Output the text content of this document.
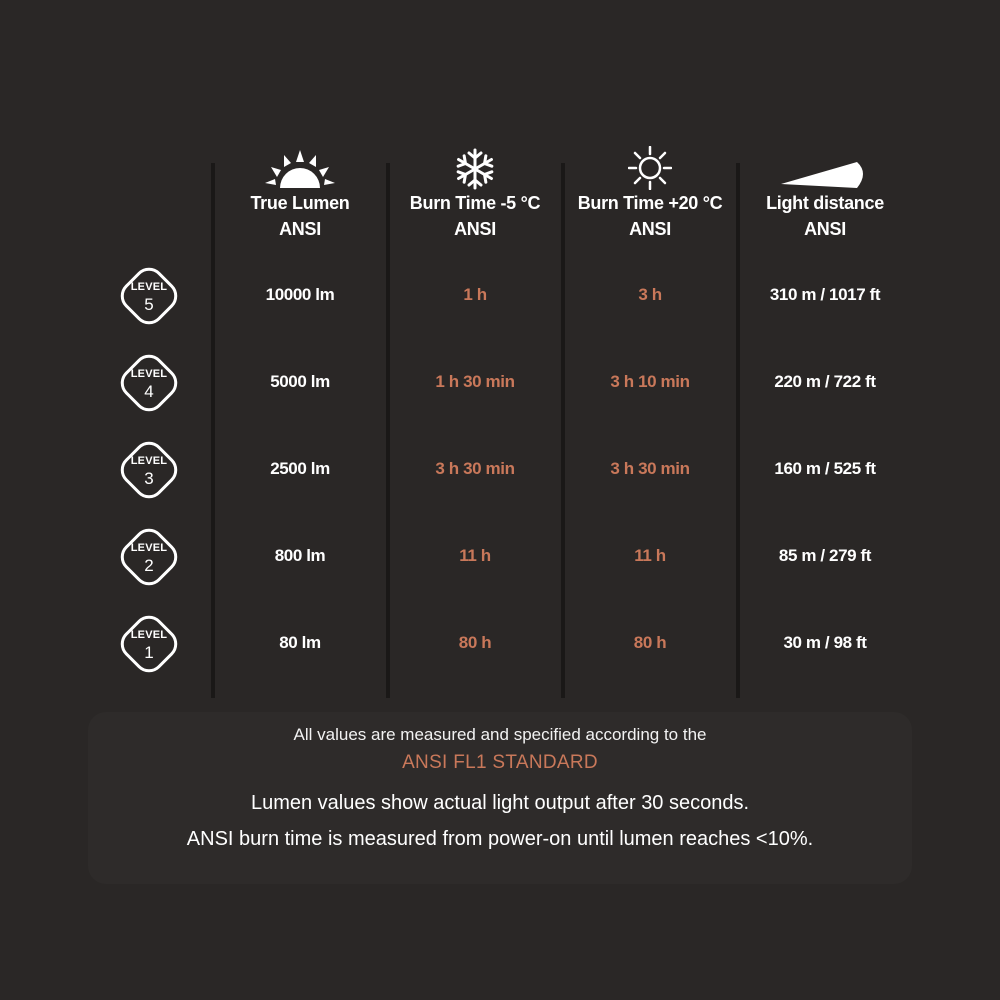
True Lumen
ANSI
Burn Time -5 °C
ANSI
Burn Time +20 °C
ANSI
Light distance
ANSI
LEVEL
5
10000 lm	1 h	3 h	310 m / 1017 ft
LEVEL
4
5000 lm	1 h 30 min	3 h 10 min	220 m / 722 ft
LEVEL
3
2500 lm	3 h 30 min	3 h 30 min	160 m / 525 ft
LEVEL
2
800 lm	11 h	11 h	85 m / 279 ft
LEVEL
1
80 lm	80 h	80 h	30 m / 98 ft
All values are measured and specified according to the
ANSI FL1 STANDARD
Lumen values show actual light output after 30 seconds.
ANSI burn time is measured from power-on until lumen reaches <10%.
